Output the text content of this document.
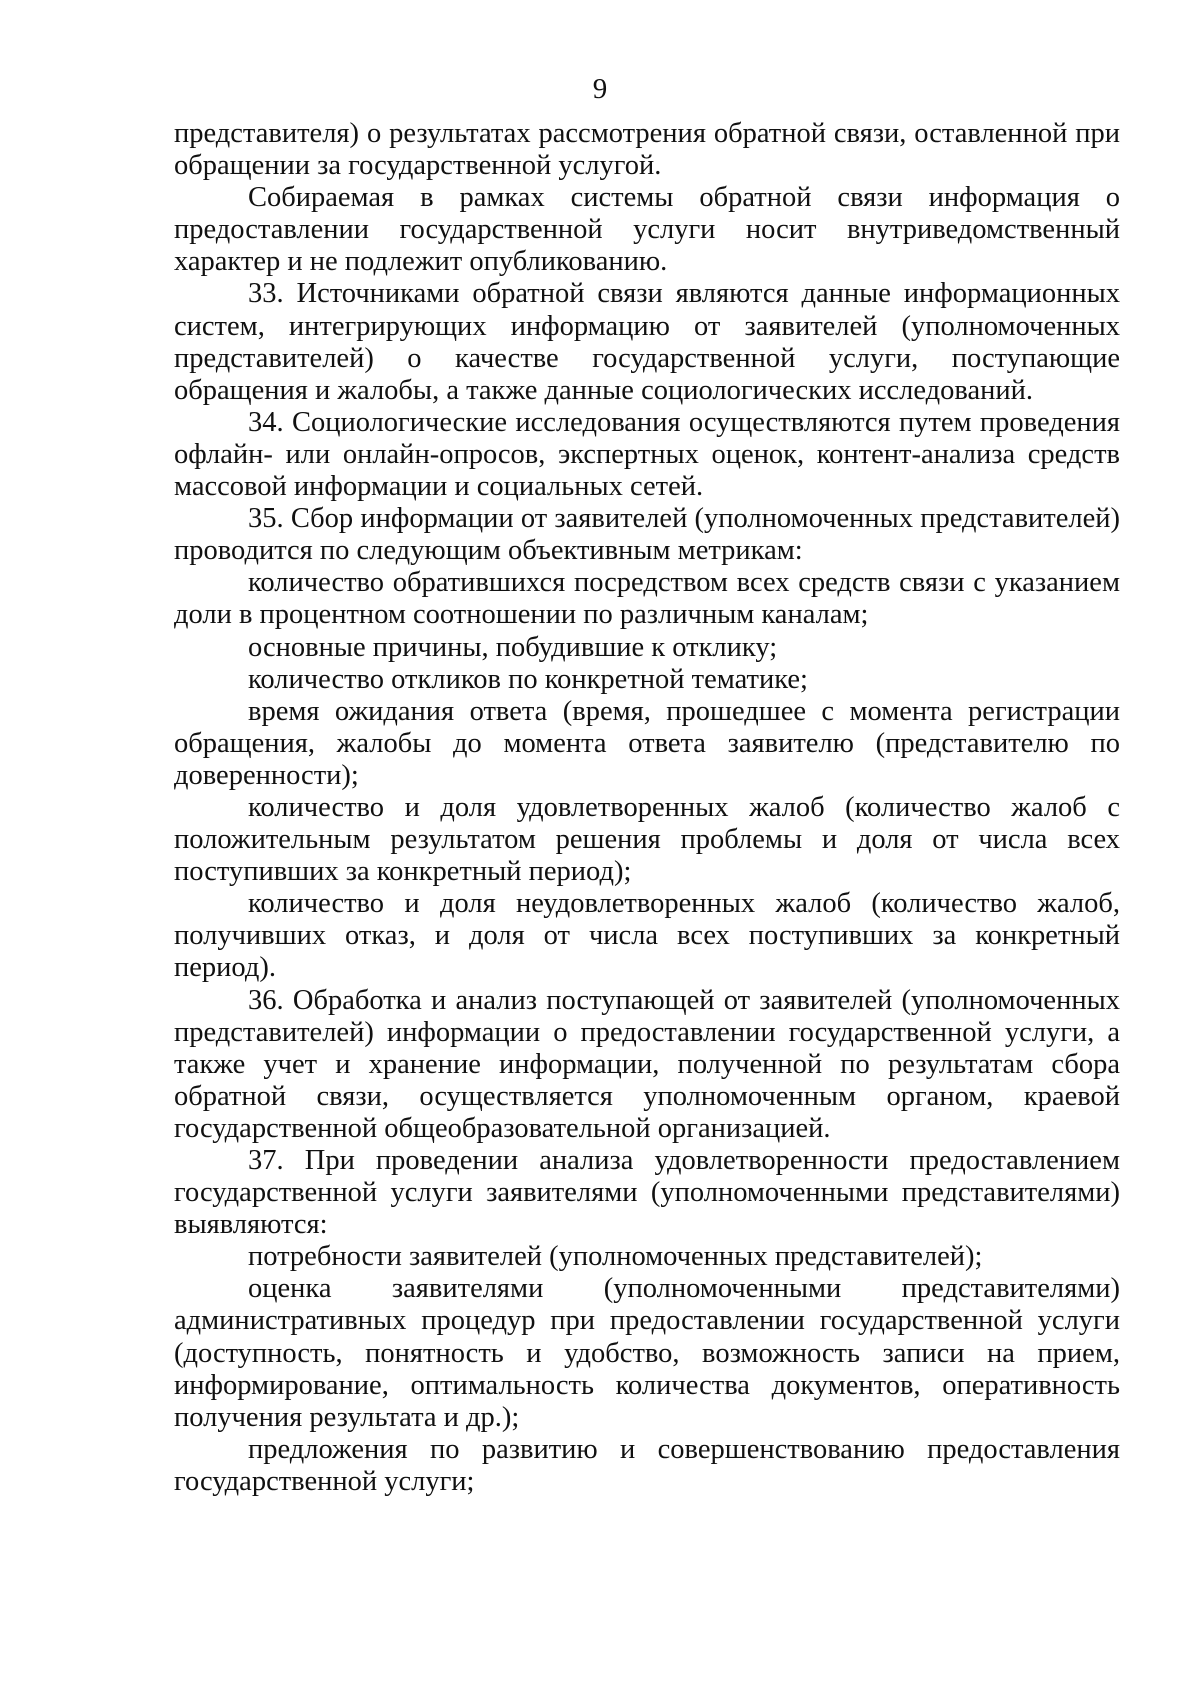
9

представителя) о результатах рассмотрения обратной связи, оставленной при обращении за государственной услугой.

Собираемая в рамках системы обратной связи информация о предоставлении государственной услуги носит внутриведомственный характер и не подлежит опубликованию.

33. Источниками обратной связи являются данные информационных систем, интегрирующих информацию от заявителей (уполномоченных представителей) о качестве государственной услуги, поступающие обращения и жалобы, а также данные социологических исследований.

34. Социологические исследования осуществляются путем проведения офлайн- или онлайн-опросов, экспертных оценок, контент-анализа средств массовой информации и социальных сетей.

35. Сбор информации от заявителей (уполномоченных представителей) проводится по следующим объективным метрикам:

количество обратившихся посредством всех средств связи с указанием доли в процентном соотношении по различным каналам;

основные причины, побудившие к отклику;

количество откликов по конкретной тематике;

время ожидания ответа (время, прошедшее с момента регистрации обращения, жалобы до момента ответа заявителю (представителю по доверенности);

количество и доля удовлетворенных жалоб (количество жалоб с положительным результатом решения проблемы и доля от числа всех поступивших за конкретный период);

количество и доля неудовлетворенных жалоб (количество жалоб, получивших отказ, и доля от числа всех поступивших за конкретный период).

36. Обработка и анализ поступающей от заявителей (уполномоченных представителей) информации о предоставлении государственной услуги, а также учет и хранение информации, полученной по результатам сбора обратной связи, осуществляется уполномоченным органом, краевой государственной общеобразовательной организацией.

37. При проведении анализа удовлетворенности предоставлением государственной услуги заявителями (уполномоченными представителями) выявляются:

потребности заявителей (уполномоченных представителей);

оценка заявителями (уполномоченными представителями) административных процедур при предоставлении государственной услуги (доступность, понятность и удобство, возможность записи на прием, информирование, оптимальность количества документов, оперативность получения результата и др.);

предложения по развитию и совершенствованию предоставления государственной услуги;
